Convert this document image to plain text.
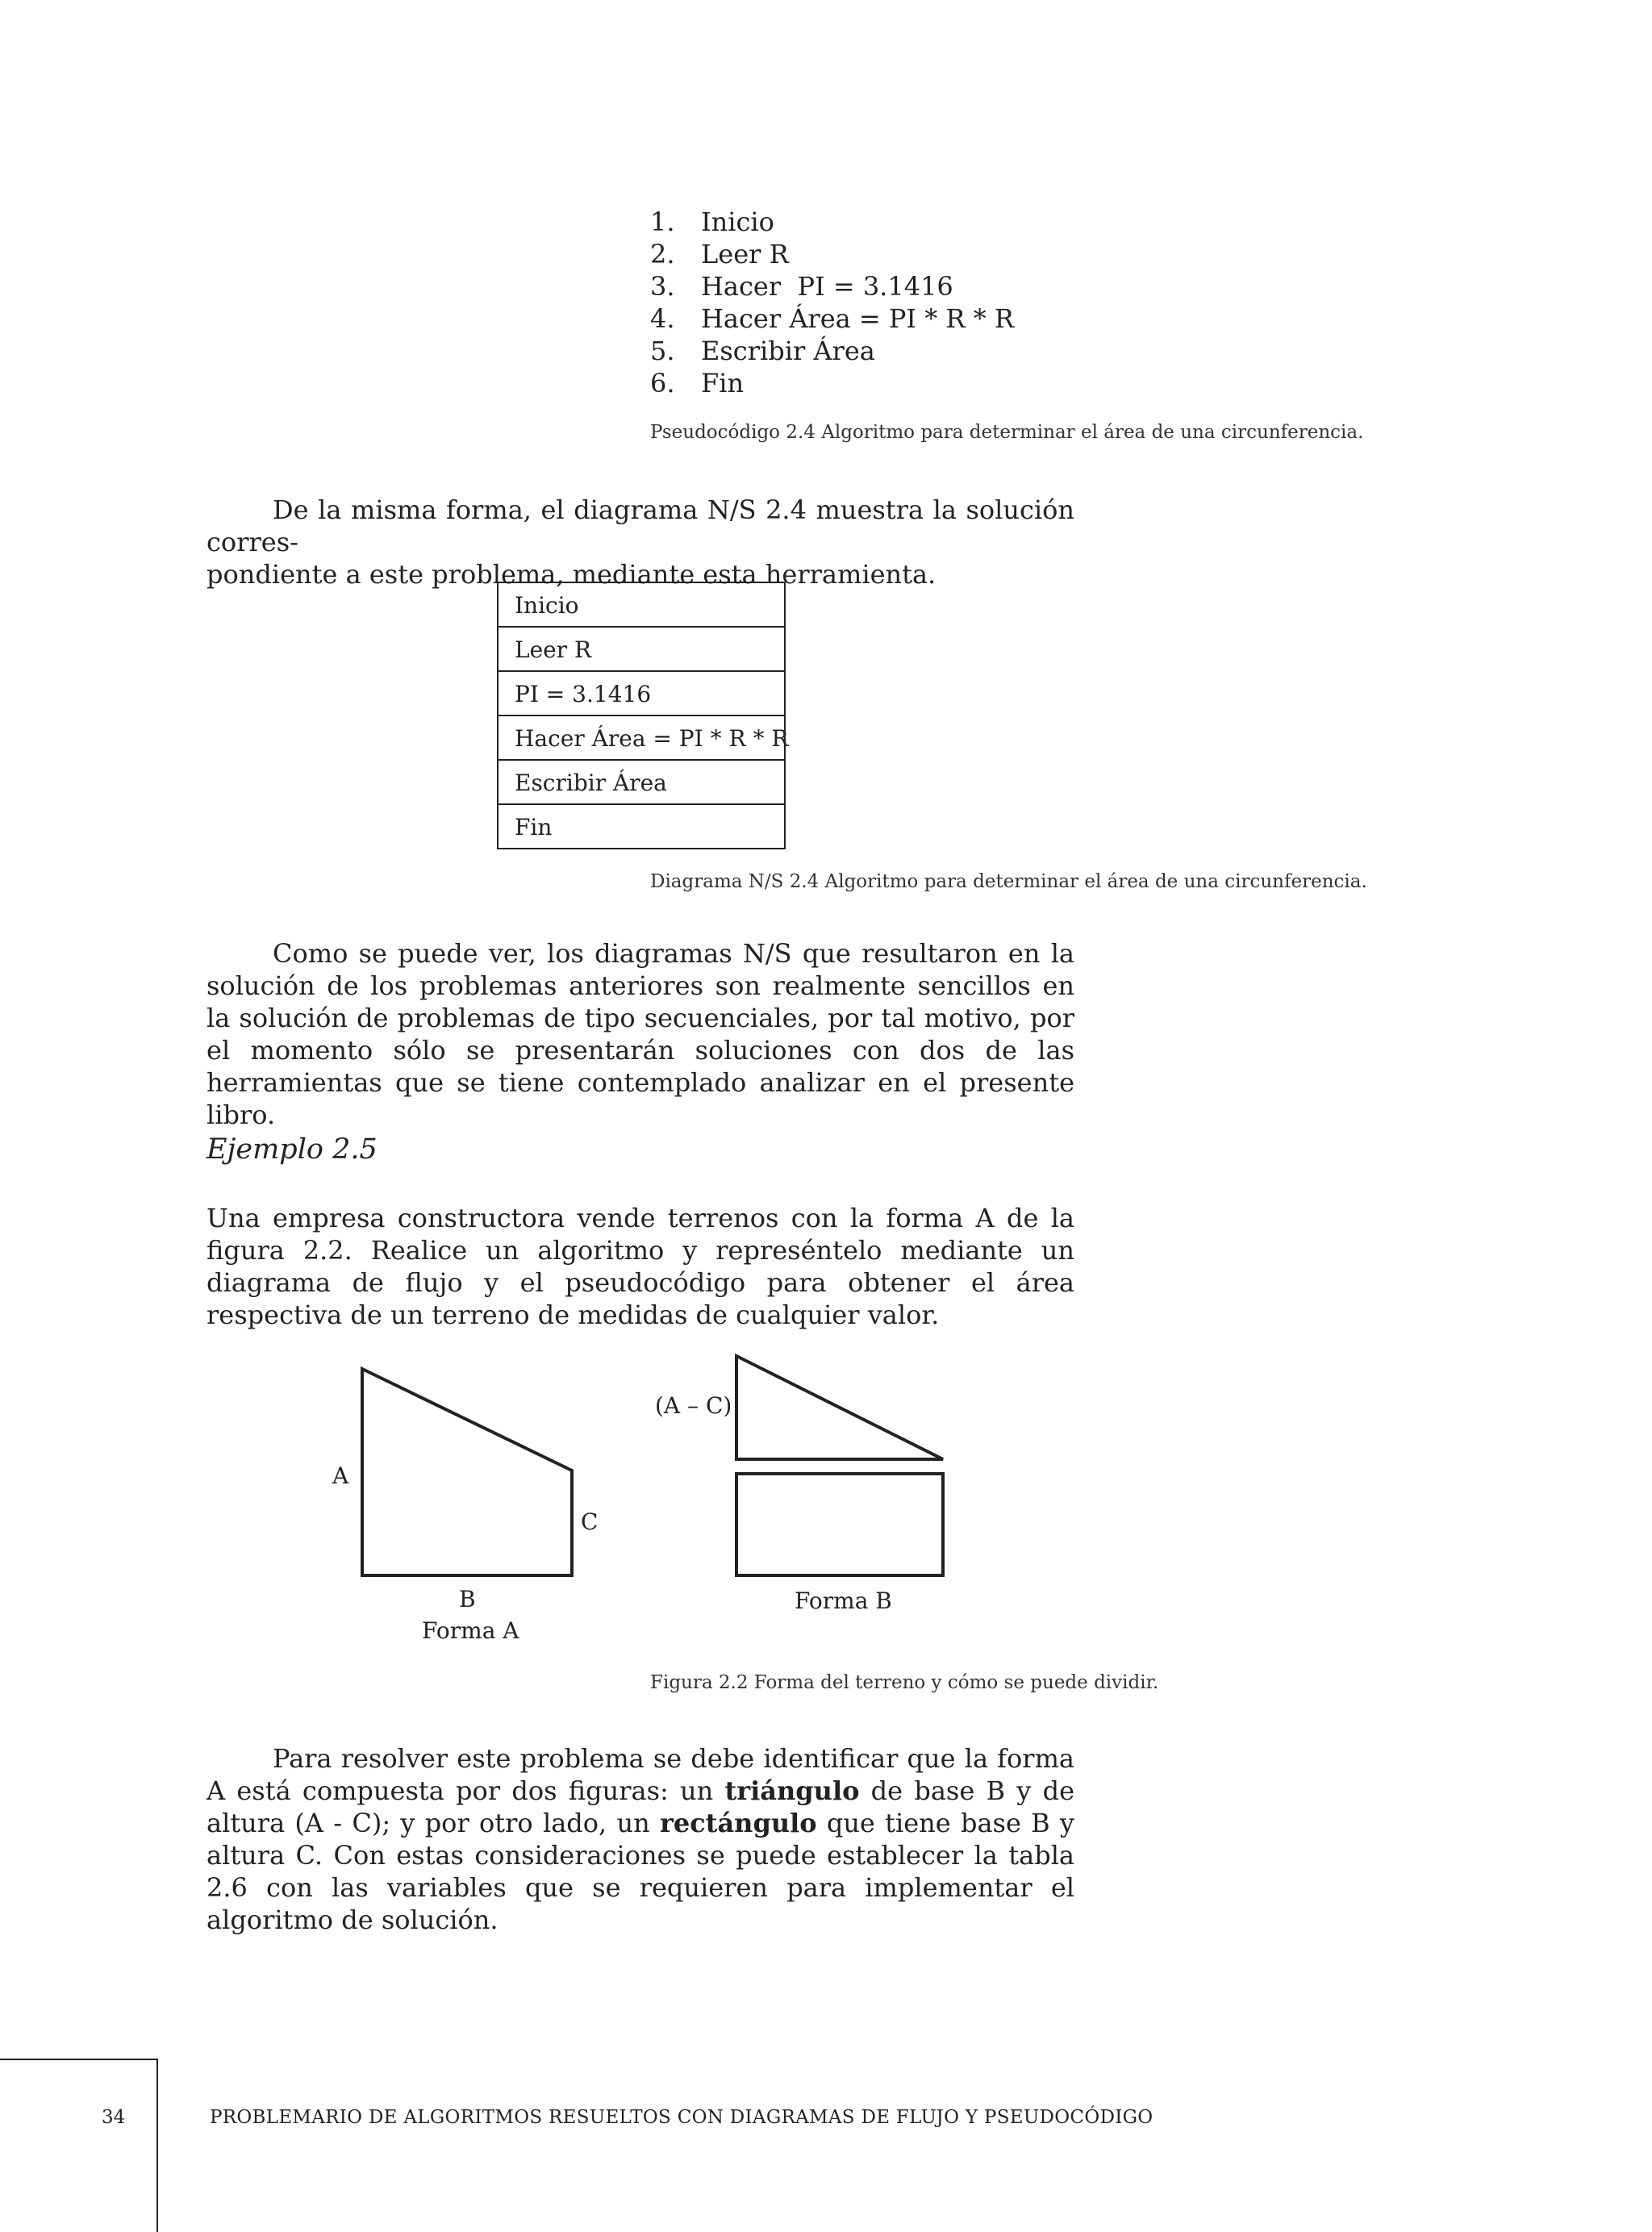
1. Inicio
2. Leer R
3. Hacer  PI = 3.1416
4. Hacer Área = PI * R * R
5. Escribir Área
6. Fin
Pseudocódigo 2.4 Algoritmo para determinar el área de una circunferencia.
De la misma forma, el diagrama N/S 2.4 muestra la solución corres-
pondiente a este problema, mediante esta herramienta.
Inicio
Leer R
PI = 3.1416
Hacer Área = PI * R * R
Escribir Área
Fin
Diagrama N/S 2.4 Algoritmo para determinar el área de una circunferencia.

Como se puede ver, los diagramas N/S que resultaron en la solución de los problemas anteriores son realmente sencillos en la solución de problemas de tipo secuenciales, por tal motivo, por el momento sólo se presentarán soluciones con dos de las herramientas que se tiene contemplado analizar en el presente libro.

Ejemplo 2.5

Una empresa constructora vende terrenos con la forma A de la figura 2.2. Realice un algoritmo y represéntelo mediante un diagrama de flujo y el pseudocódigo para obtener el área respectiva de un terreno de medidas de cualquier valor.

A
C
B
Forma A
(A – C)
Forma B
Figura 2.2 Forma del terreno y cómo se puede dividir.

Para resolver este problema se debe identificar que la forma A está compuesta por dos figuras: un triángulo de base B y de altura (A - C); y por otro lado, un rectángulo que tiene base B y altura C. Con estas consideraciones se puede establecer la tabla 2.6 con las variables que se requieren para implementar el algoritmo de solución.

34	PROBLEMARIO DE ALGORITMOS RESUELTOS CON DIAGRAMAS DE FLUJO Y PSEUDOCÓDIGO
